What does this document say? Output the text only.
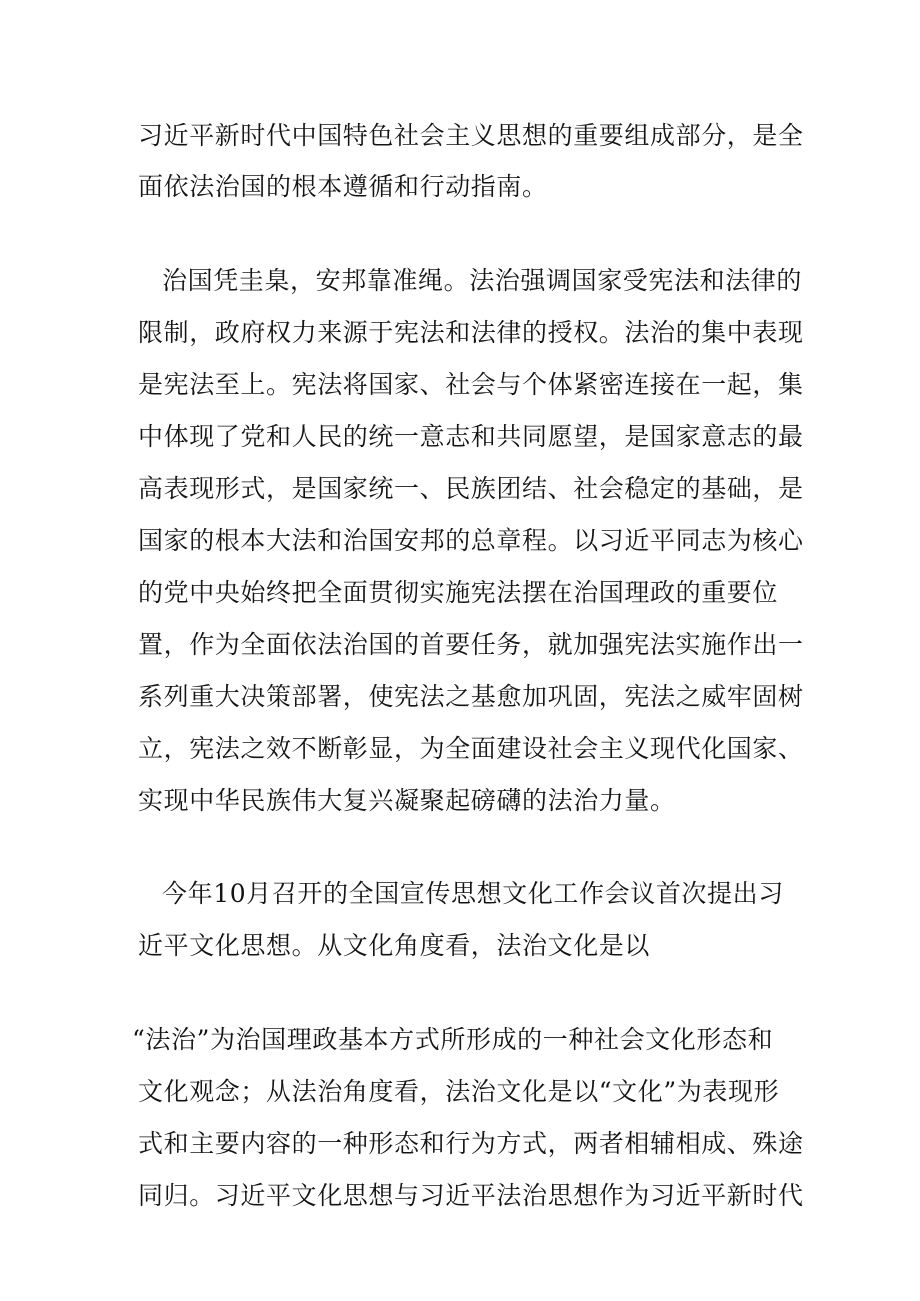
习近平新时代中国特色社会主义思想的重要组成部分，是全

面依法治国的根本遵循和行动指南。

治国凭圭臬，安邦靠准绳。法治强调国家受宪法和法律的

限制，政府权力来源于宪法和法律的授权。法治的集中表现

是宪法至上。宪法将国家、社会与个体紧密连接在一起，集

中体现了党和人民的统一意志和共同愿望，是国家意志的最

高表现形式，是国家统一、民族团结、社会稳定的基础，是

国家的根本大法和治国安邦的总章程。以习近平同志为核心

的党中央始终把全面贯彻实施宪法摆在治国理政的重要位

置，作为全面依法治国的首要任务，就加强宪法实施作出一

系列重大决策部署，使宪法之基愈加巩固，宪法之威牢固树

立，宪法之效不断彰显，为全面建设社会主义现代化国家、

实现中华民族伟大复兴凝聚起磅礴的法治力量。

今年10月召开的全国宣传思想文化工作会议首次提出习

近平文化思想。从文化角度看，法治文化是以

“法治”为治国理政基本方式所形成的一种社会文化形态和

文化观念；从法治角度看，法治文化是以“文化”为表现形

式和主要内容的一种形态和行为方式，两者相辅相成、殊途

同归。习近平文化思想与习近平法治思想作为习近平新时代
